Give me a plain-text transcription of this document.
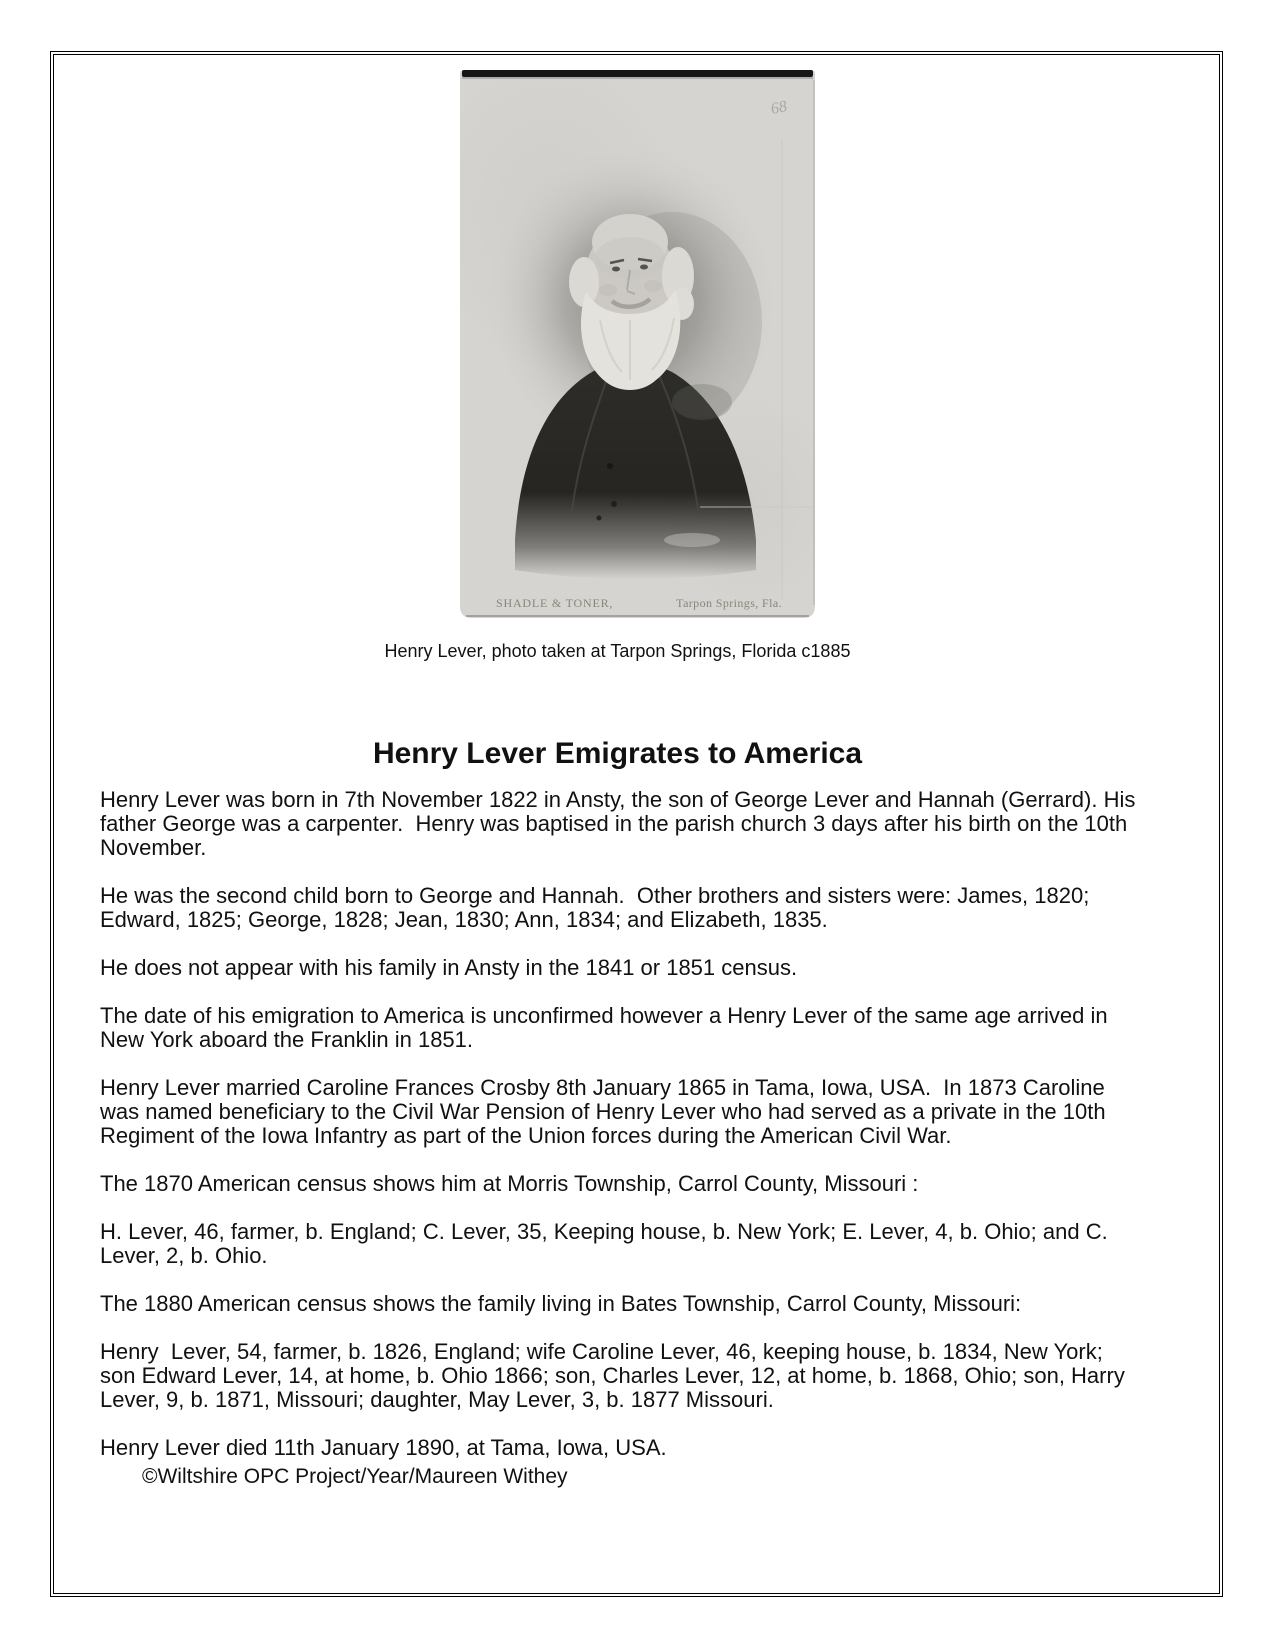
68
SHADLE & TONER,	Tarpon Springs, Fla.
Henry Lever, photo taken at Tarpon Springs, Florida c1885
Henry Lever Emigrates to America
Henry Lever was born in 7th November 1822 in Ansty, the son of George Lever and Hannah (Gerrard). His father George was a carpenter.  Henry was baptised in the parish church 3 days after his birth on the 10th November.
He was the second child born to George and Hannah.  Other brothers and sisters were: James, 1820; Edward, 1825; George, 1828; Jean, 1830; Ann, 1834; and Elizabeth, 1835.
He does not appear with his family in Ansty in the 1841 or 1851 census.
The date of his emigration to America is unconfirmed however a Henry Lever of the same age arrived in New York aboard the Franklin in 1851.
Henry Lever married Caroline Frances Crosby 8th January 1865 in Tama, Iowa, USA.  In 1873 Caroline was named beneficiary to the Civil War Pension of Henry Lever who had served as a private in the 10th Regiment of the Iowa Infantry as part of the Union forces during the American Civil War.
The 1870 American census shows him at Morris Township, Carrol County, Missouri :
H. Lever, 46, farmer, b. England; C. Lever, 35, Keeping house, b. New York; E. Lever, 4, b. Ohio; and C. Lever, 2, b. Ohio.
The 1880 American census shows the family living in Bates Township, Carrol County, Missouri:
Henry  Lever, 54, farmer, b. 1826, England; wife Caroline Lever, 46, keeping house, b. 1834, New York; son Edward Lever, 14, at home, b. Ohio 1866; son, Charles Lever, 12, at home, b. 1868, Ohio; son, Harry Lever, 9, b. 1871, Missouri; daughter, May Lever, 3, b. 1877 Missouri.
Henry Lever died 11th January 1890, at Tama, Iowa, USA.
©Wiltshire OPC Project/Year/Maureen Withey
